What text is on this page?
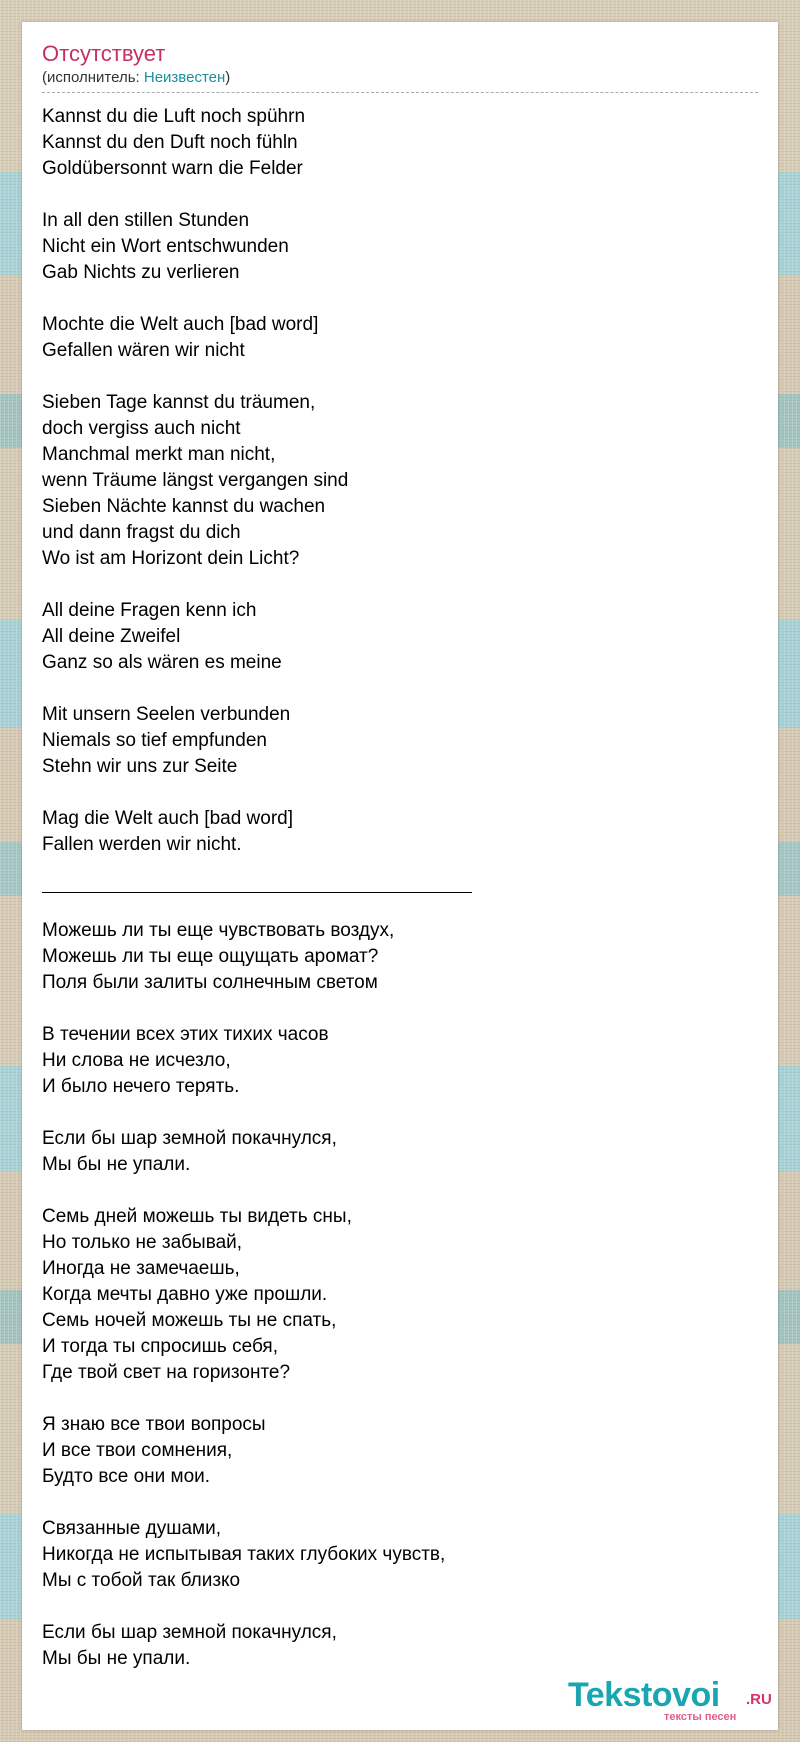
Отсутствует
(исполнитель: Неизвестен)
Kannst du die Luft noch spührn
Kannst du den Duft noch fühln
Goldübersonnt warn die Felder
In all den stillen Stunden
Nicht ein Wort entschwunden
Gab Nichts zu verlieren
Mochte die Welt auch [bad word]
Gefallen wären wir nicht
Sieben Tage kannst du träumen,
doch vergiss auch nicht
Manchmal merkt man nicht,
wenn Träume längst vergangen sind
Sieben Nächte kannst du wachen
und dann fragst du dich
Wo ist am Horizont dein Licht?
All deine Fragen kenn ich
All deine Zweifel
Ganz so als wären es meine
Mit unsern Seelen verbunden
Niemals so tief empfunden
Stehn wir uns zur Seite
Mag die Welt auch [bad word]
Fallen werden wir nicht.
Можешь ли ты еще чувствовать воздух,
Можешь ли ты еще ощущать аромат?
Поля были залиты солнечным светом
В течении всех этих тихих часов
Ни слова не исчезло,
И было нечего терять.
Если бы шар земной покачнулся,
Мы бы не упали.
Семь дней можешь ты видеть сны,
Но только не забывай,
Иногда не замечаешь,
Когда мечты давно уже прошли.
Семь ночей можешь ты не спать,
И тогда ты спросишь себя,
Где твой свет на горизонте?
Я знаю все твои вопросы
И все твои сомнения,
Будто все они мои.
Связанные душами,
Никогда не испытывая таких глубоких чувств,
Мы с тобой так близко
Если бы шар земной покачнулся,
Мы бы не упали.
Tekstovoi .RU
тексты песен
